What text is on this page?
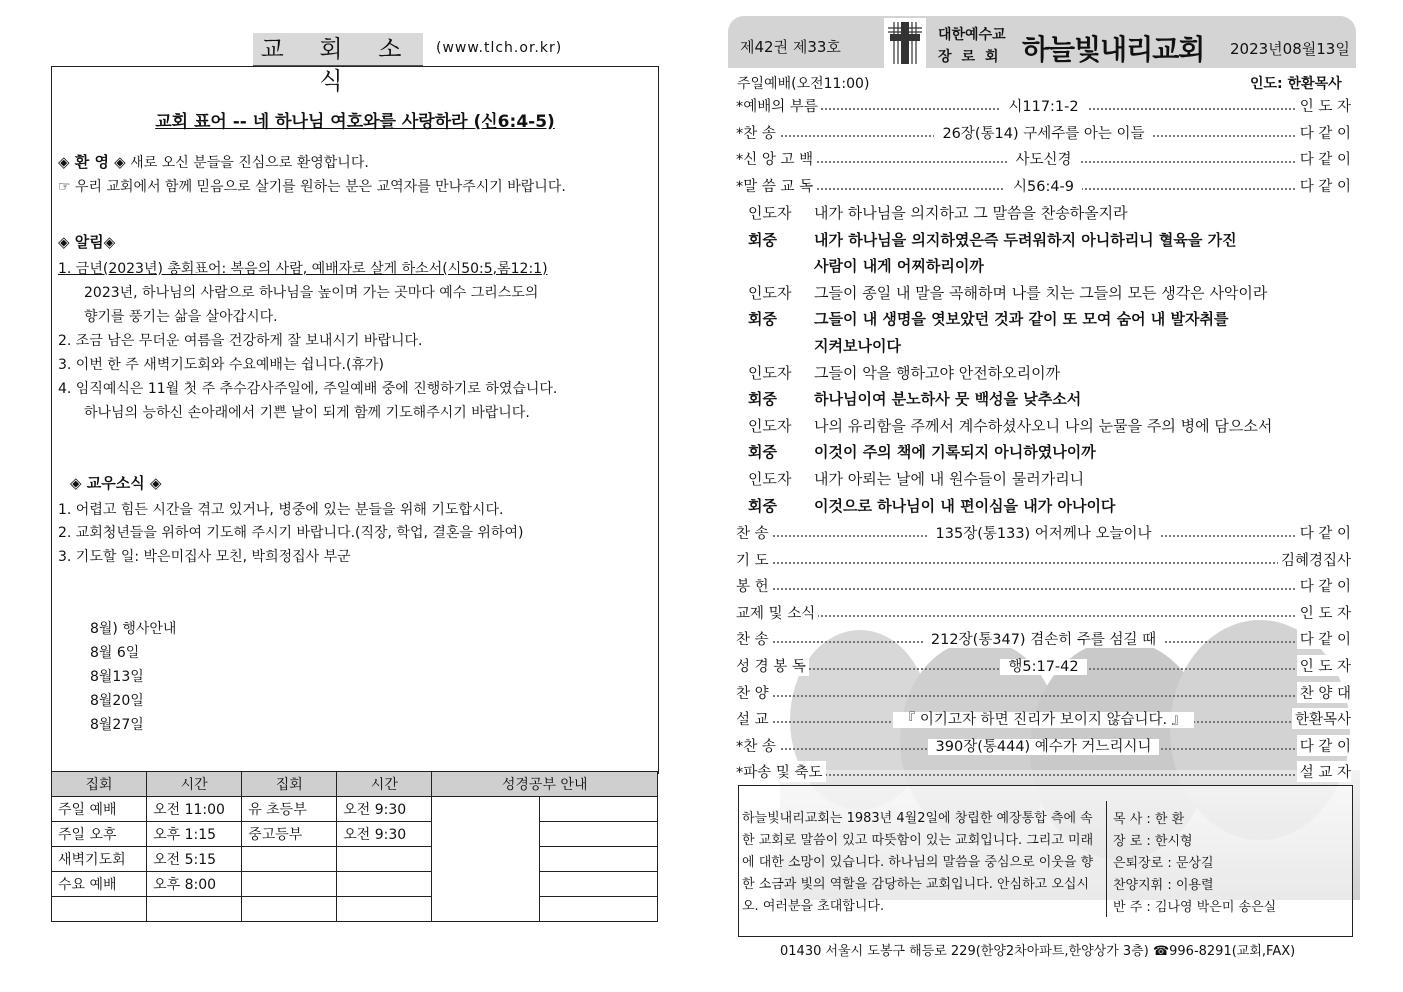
교 회 소 식
(www.tlch.or.kr)
교회 표어 -- 네 하나님 여호와를 사랑하라 (신6:4-5)
◈ 환 영 ◈ 새로 오신 분들을 진심으로 환영합니다.
☞ 우리 교회에서 함께 믿음으로 살기를 원하는 분은 교역자를 만나주시기 바랍니다.
◈ 알림◈
1. 금년(2023년) 총회표어: 복음의 사람, 예배자로 살게 하소서(시50:5,롬12:1)
2023년, 하나님의 사람으로 하나님을 높이며 가는 곳마다 예수 그리스도의
향기를 풍기는 삶을 살아갑시다.
2. 조금 남은 무더운 여름을 건강하게 잘 보내시기 바랍니다.
3. 이번 한 주 새벽기도회와 수요예배는 쉽니다.(휴가)
4. 임직예식은 11월 첫 주 추수감사주일에, 주일예배 중에 진행하기로 하였습니다.
하나님의 능하신 손아래에서 기쁜 날이 되게 함께 기도해주시기 바랍니다.
◈ 교우소식 ◈
1. 어렵고 힘든 시간을 겪고 있거나, 병중에 있는 분들을 위해 기도합시다.
2. 교회청년들을 위하여 기도해 주시기 바랍니다.(직장, 학업, 결혼을 위하여)
3. 기도할 일: 박은미집사 모친, 박희정집사 부군
8월) 행사안내
8월 6일
8월13일
8월20일
8월27일
집회	시간	집회	시간	성경공부 안내	
주일 예배	오전 11:00	유 초등부	오전 9:30		
주일 오후	오후 1:15	중고등부	오전 9:30		
새벽기도회	오전 5:15				
수요 예배	오후 8:00				

제42권 제33호
대한예수교
장로회 하늘빛내리교회 2023년08월13일
주일예배(오전11:00)	인도: 한환목사
*예배의 부름	시117:1-2	인 도 자
*찬 송	26장(통14) 구세주를 아는 이들	다 같 이
*신 앙 고 백	사도신경	다 같 이
*말 씀 교 독	시56:4-9	다 같 이
인도자 내가 하나님을 의지하고 그 말씀을 찬송하올지라
회중 내가 하나님을 의지하였은즉 두려워하지 아니하리니 혈육을 가진
사람이 내게 어찌하리이까
인도자 그들이 종일 내 말을 곡해하며 나를 치는 그들의 모든 생각은 사악이라
회중 그들이 내 생명을 엿보았던 것과 같이 또 모여 숨어 내 발자취를
지켜보나이다
인도자 그들이 악을 행하고야 안전하오리이까
회중 하나님이여 분노하사 뭇 백성을 낮추소서
인도자 나의 유리함을 주께서 계수하셨사오니 나의 눈물을 주의 병에 담으소서
회중 이것이 주의 책에 기록되지 아니하였나이까
인도자 내가 아뢰는 날에 내 원수들이 물러가리니
회중 이것으로 하나님이 내 편이심을 내가 아나이다
찬 송	135장(통133) 어저께나 오늘이나	다 같 이
기 도	김혜경집사
봉 헌	다 같 이
교제 및 소식	인 도 자
찬 송	212장(통347) 겸손히 주를 섬길 때	다 같 이
성 경 봉 독	행5:17-42	인 도 자
찬 양	찬 양 대
설 교	『 이기고자 하면 진리가 보이지 않습니다. 』	한환목사
*찬 송	390장(통444) 예수가 거느리시니	다 같 이
*파송 및 축도	설 교 자
하늘빛내리교회는 1983년 4월2일에 창립한 예장통합 측에 속한 교회로 말씀이 있고 따뜻함이 있는 교회입니다. 그리고 미래에 대한 소망이 있습니다. 하나님의 말씀을 중심으로 이웃을 향한 소금과 빛의 역할을 감당하는 교회입니다. 안심하고 오십시오. 여러분을 초대합니다.
목 사 : 한 환
장 로 : 한시형
은퇴장로 : 문상길
찬양지휘 : 이용렬
반 주 : 김나영 박은미 송은실
01430 서울시 도봉구 해등로 229(한양2차아파트,한양상가 3층) ☎996-8291(교회,FAX)
